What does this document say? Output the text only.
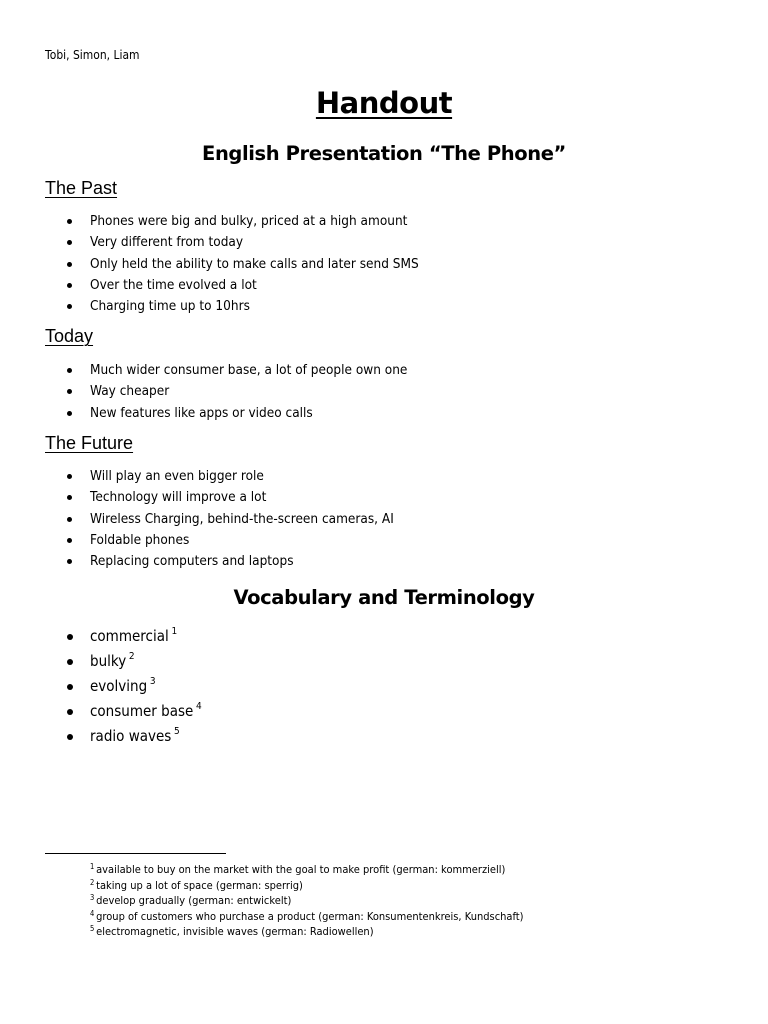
Tobi, Simon, Liam
Handout
English Presentation “The Phone”
The Past
Phones were big and bulky, priced at a high amount
Very different from today
Only held the ability to make calls and later send SMS
Over the time evolved a lot
Charging time up to 10hrs
Today
Much wider consumer base, a lot of people own one
Way cheaper
New features like apps or video calls
The Future
Will play an even bigger role
Technology will improve a lot
Wireless Charging, behind-the-screen cameras, AI
Foldable phones
Replacing computers and laptops
Vocabulary and Terminology
commercial $^1$
bulky $^2$
evolving $^3$
consumer base $^4$
radio waves $^5$
$^1$ available to buy on the market with the goal to make profit (german: kommerziell)
$^2$ taking up a lot of space (german: sperrig)
$^3$ develop gradually (german: entwickelt)
$^4$ group of customers who purchase a product (german: Konsumentenkreis, Kundschaft)
$^5$ electromagnetic, invisible waves (german: Radiowellen)
